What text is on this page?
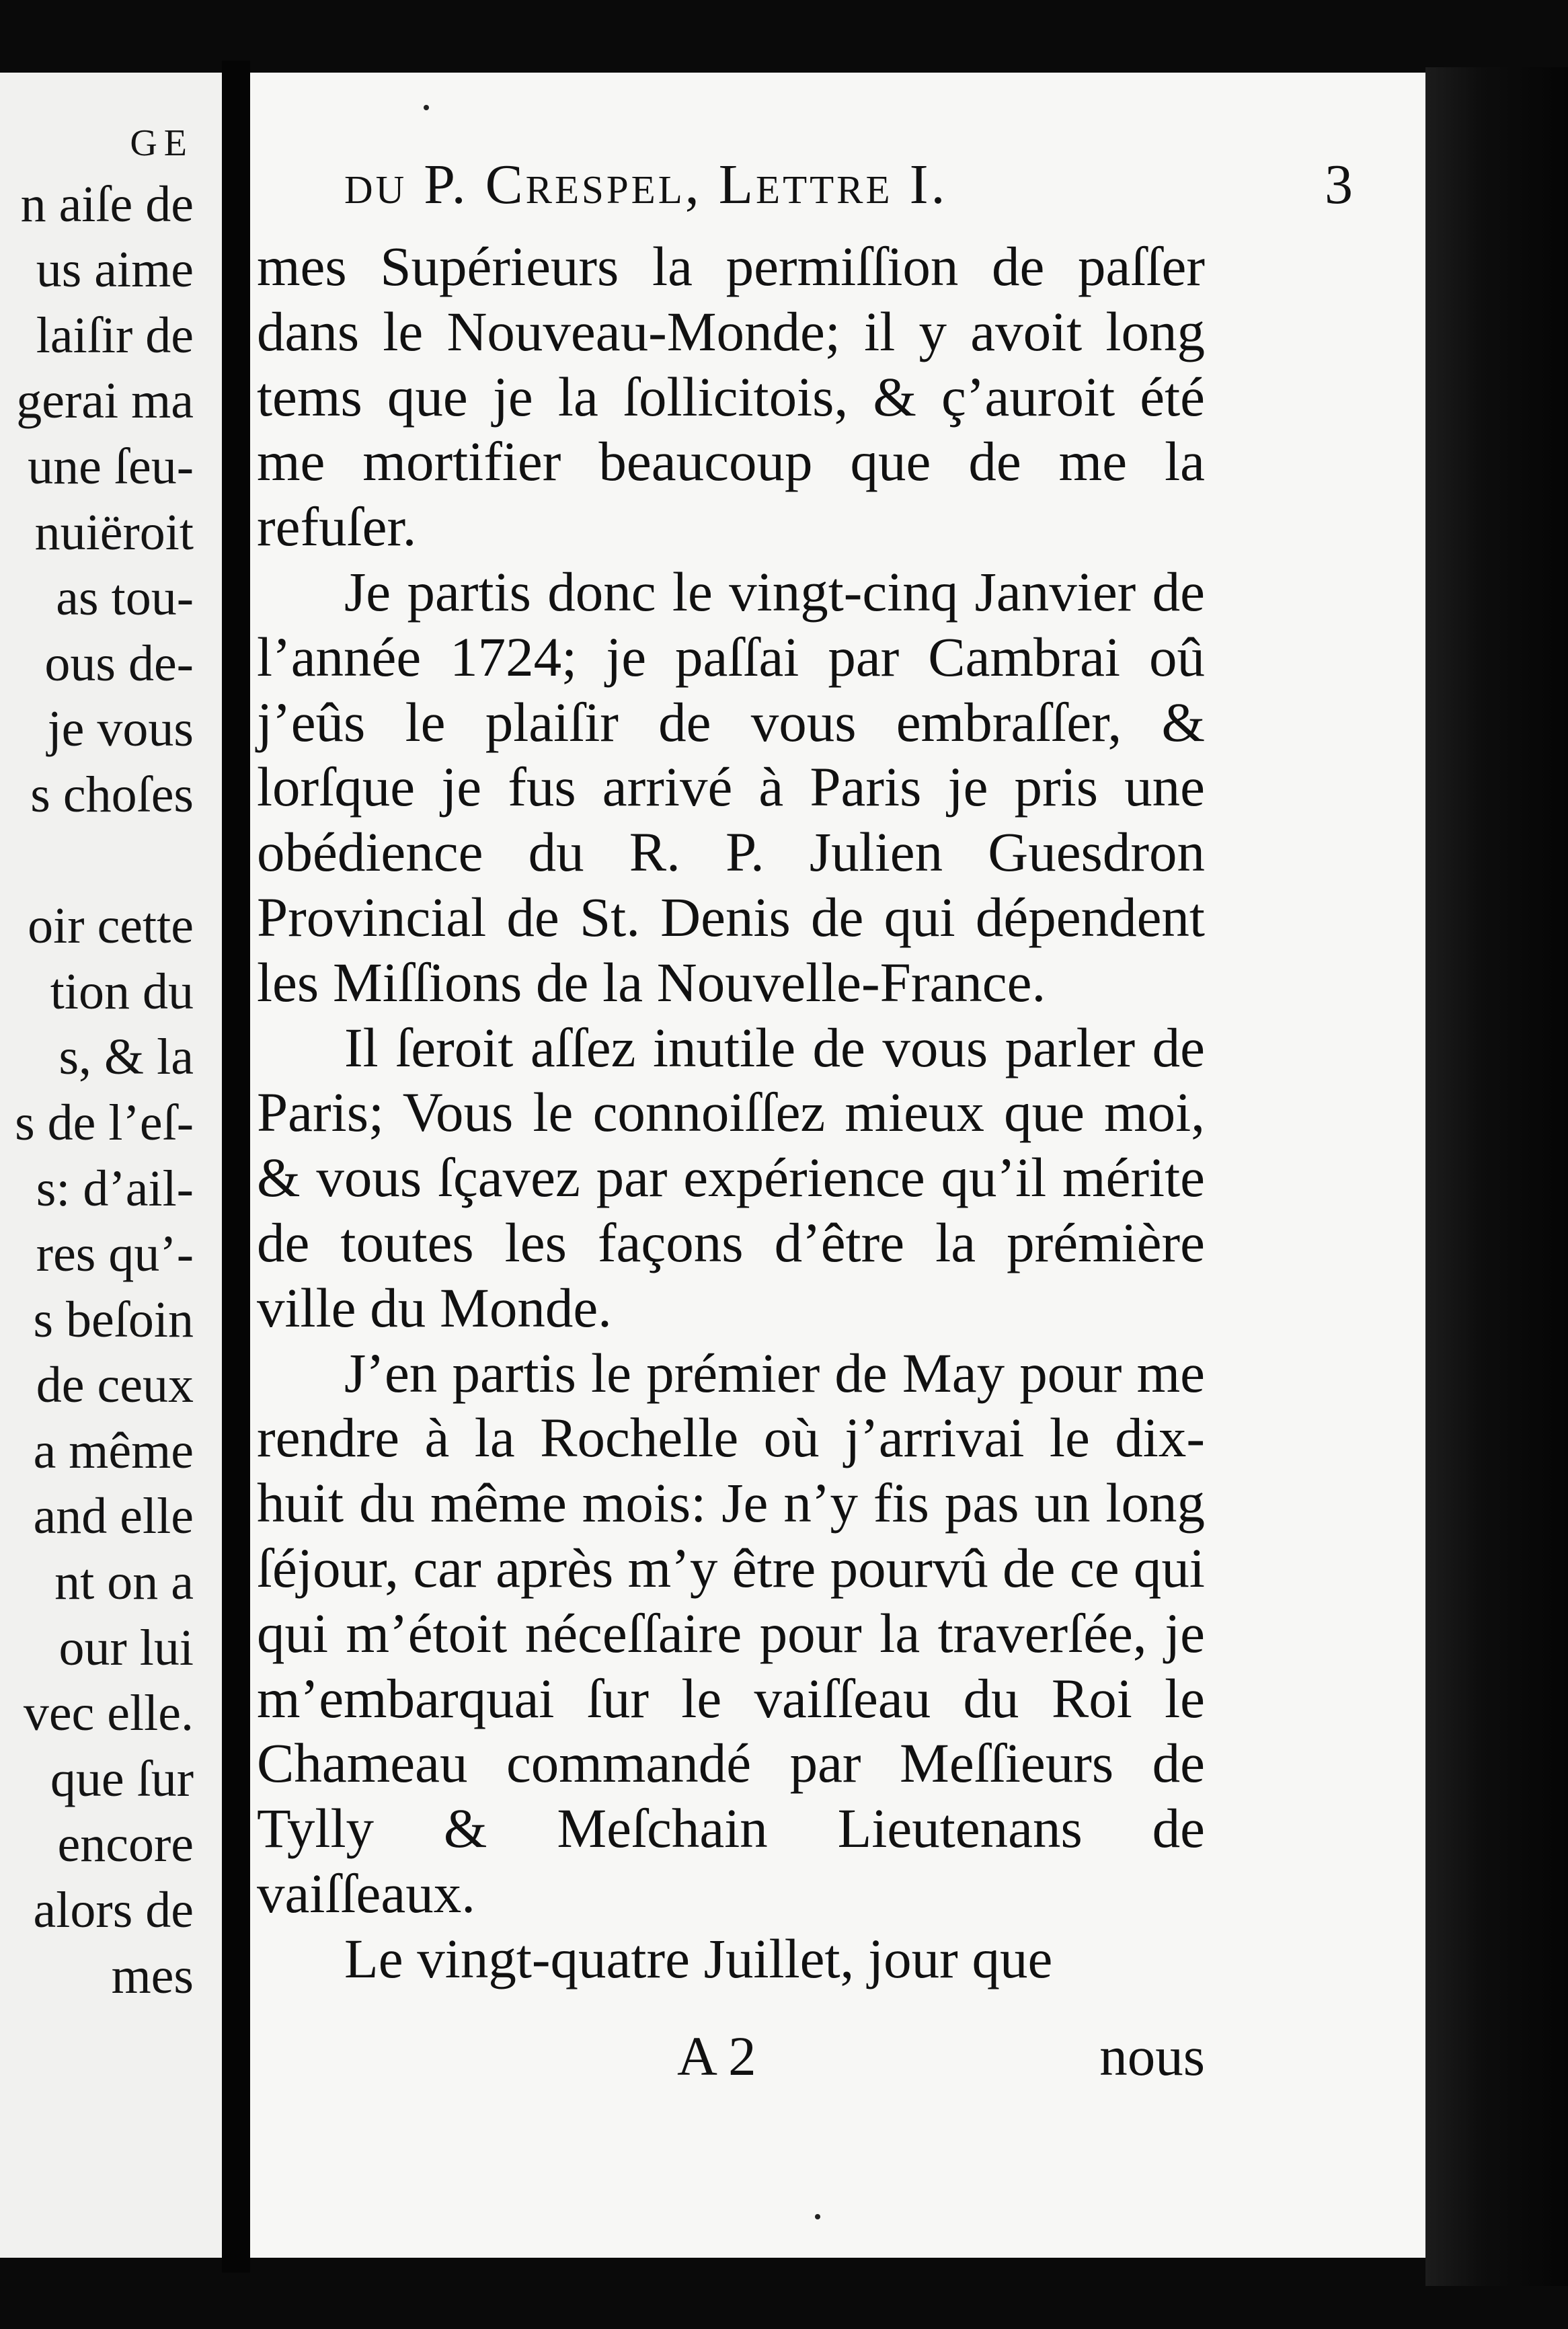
GE
n aiſe de
us aime
laiſir de
gerai ma
une ſeu-
nuiëroit
as tou-
ous de-
je vous
s choſes
oir cette
tion du
s, & la
s de l’eſ-
s: d’ail-
res qu’-
s beſoin
de ceux
a même
and elle
nt on a
our lui
vec elle.
que ſur
encore
alors de
mes
du P. Crespel, Lettre I.	3

mes Supérieurs la permiſſion de paſſer dans le Nouveau-Monde; il y avoit long tems que je la ſollicitois, & ç’auroit été me mortifier beaucoup que de me la refuſer.

Je partis donc le vingt-cinq Janvier de l’année 1724; je paſſai par Cambrai oû j’eûs le plaiſir de vous embraſſer, & lorſque je fus arrivé à Paris je pris une obédience du R. P. Julien Guesdron Provincial de St. Denis de qui dépendent les Miſſions de la Nouvelle-France.

Il ſeroit aſſez inutile de vous parler de Paris; Vous le connoiſſez mieux que moi, & vous ſçavez par expérience qu’il mérite de toutes les façons d’être la prémière ville du Monde.

J’en partis le prémier de May pour me rendre à la Rochelle où j’arrivai le dix-huit du même mois: Je n’y fis pas un long ſéjour, car après m’y être pourvû de ce qui qui m’étoit néceſſaire pour la traverſée, je m’embarquai ſur le vaiſſeau du Roi le Chameau commandé par Meſſieurs de Tylly & Meſchain Lieutenans de vaiſſeaux.

Le vingt-quatre Juillet, jour que

A 2	nous
